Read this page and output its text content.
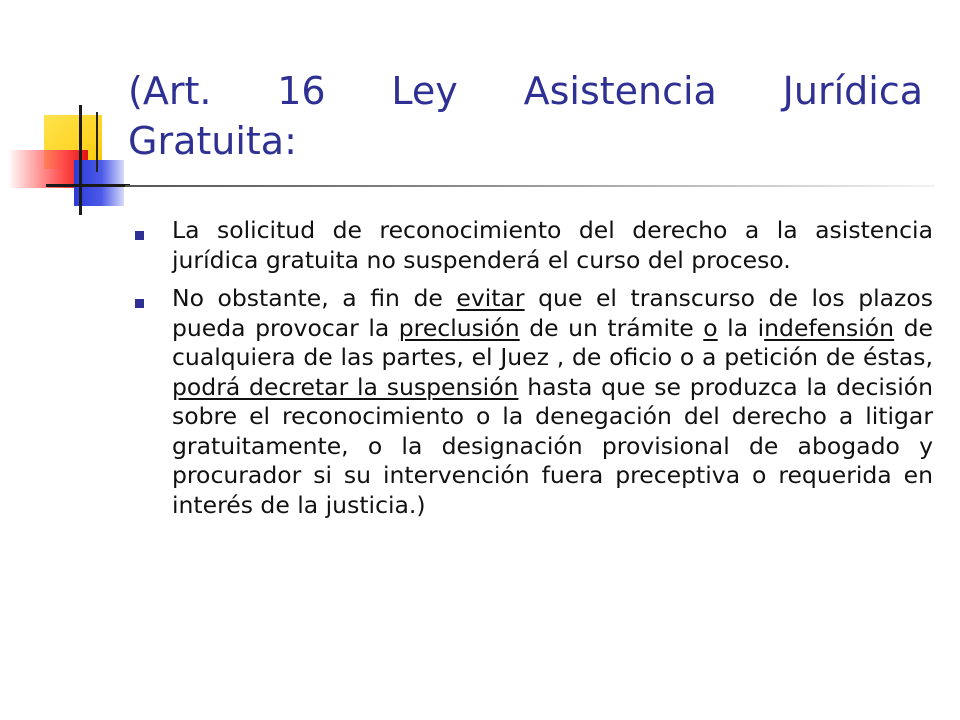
(Art. 16 Ley Asistencia Jurídica
Gratuita:
La solicitud de reconocimiento del derecho a la asistencia jurídica gratuita no suspenderá el curso del proceso.
No obstante, a fin de evitar que el transcurso de los plazos pueda provocar la preclusión de un trámite o la indefensión de cualquiera de las partes, el Juez , de oficio o a petición de éstas, podrá decretar la suspensión hasta que se produzca la decisión sobre el reconocimiento o la denegación del derecho a litigar gratuitamente, o la designación provisional de abogado y procurador si su intervención fuera preceptiva o requerida en interés de la justicia.)
